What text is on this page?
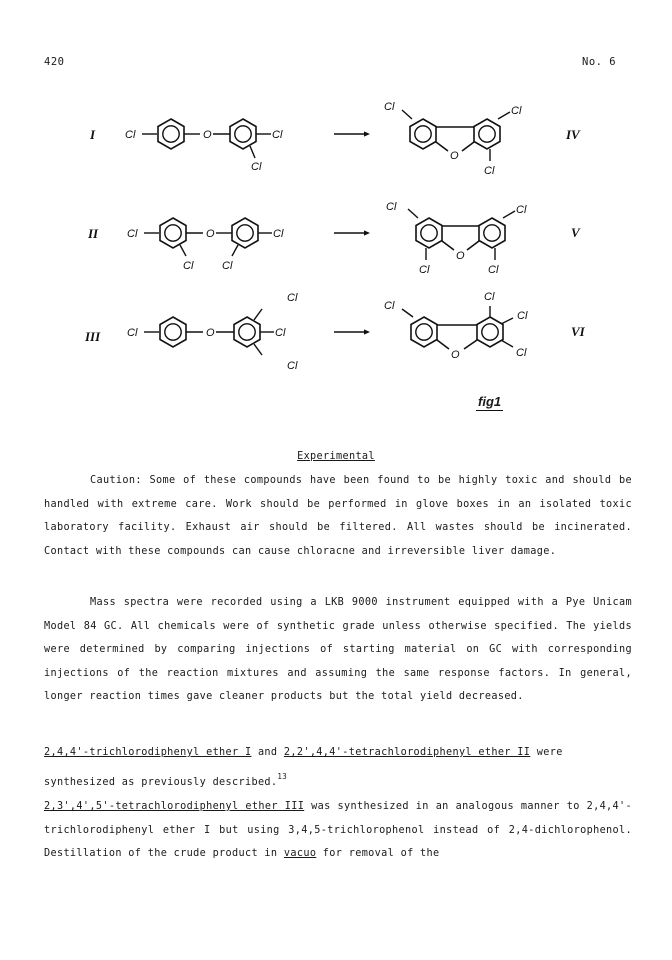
420	No. 6
I	Cl	O	Cl
Cl
O
Cl	Cl
Cl
IV
II	Cl	O	Cl
Cl	Cl
O
Cl	Cl
Cl	Cl
V
III Cl	O	Cl
Cl
Cl
O
Cl
Cl
Cl
Cl
VI
fig1
Experimental

Caution: Some of these compounds have been found to be highly toxic and should be handled with extreme care. Work should be performed in glove boxes in an isolated toxic laboratory facility. Exhaust air should be filtered. All wastes should be incinerated. Contact with these compounds can cause chloracne and irreversible liver damage.

Mass spectra were recorded using a LKB 9000 instrument equipped with a Pye Unicam Model 84 GC. All chemicals were of synthetic grade unless otherwise specified. The yields were determined by comparing injections of starting material on GC with corresponding injections of the reaction mixtures and assuming the same response factors. In general, longer reaction times gave cleaner products but the total yield decreased.

2,4,4'-trichlorodiphenyl ether I and 2,2',4,4'-tetrachlorodiphenyl ether II were synthesized as previously described.$^{13}$

2,3',4',5'-tetrachlorodiphenyl ether III was synthesized in an analogous manner to 2,4,4'-trichlorodiphenyl ether I but using 3,4,5-trichlorophenol instead of 2,4-dichlorophenol. Destillation of the crude product in vacuo for removal of the
